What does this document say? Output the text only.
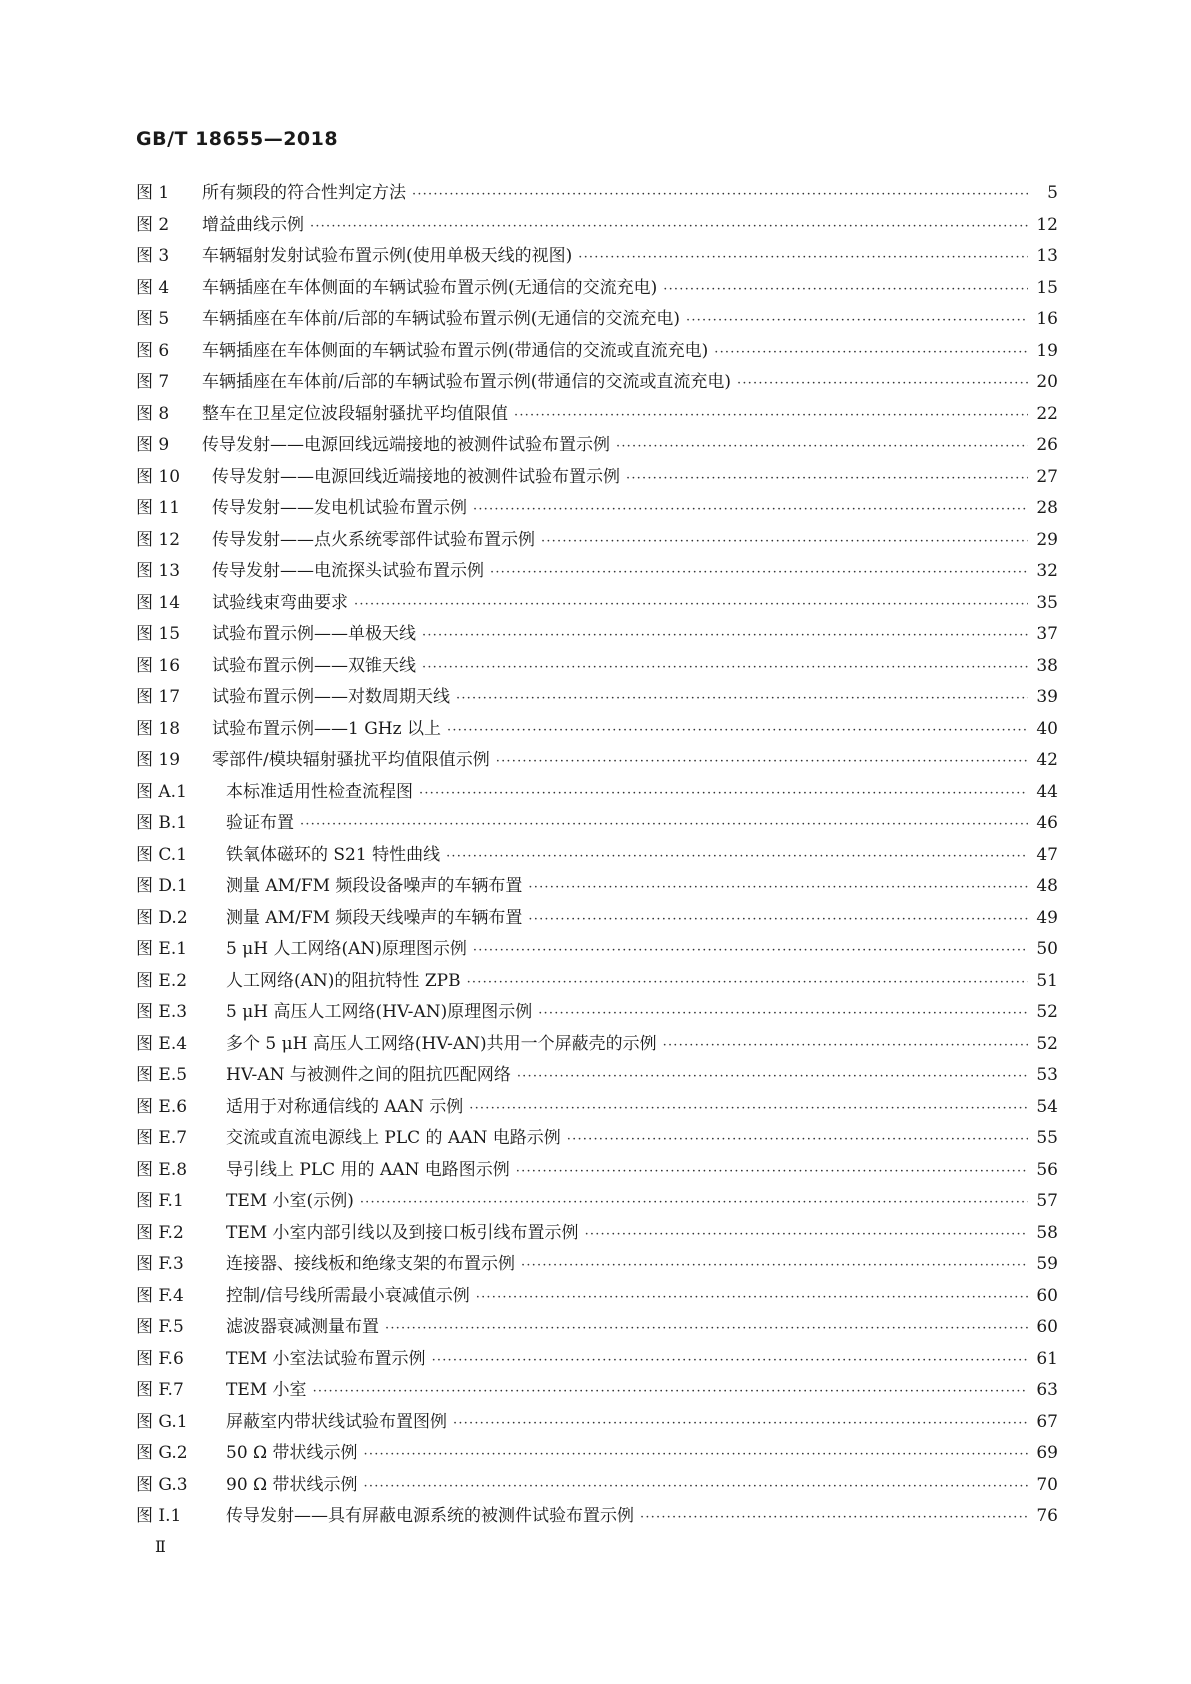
GB/T 18655—2018
图 1	所有频段的符合性判定方法 ·····	5
图 2	增益曲线示例 ·····	12
图 3	车辆辐射发射试验布置示例(使用单极天线的视图) ·····	13
图 4	车辆插座在车体侧面的车辆试验布置示例(无通信的交流充电) ·····	15
图 5	车辆插座在车体前/后部的车辆试验布置示例(无通信的交流充电) ·····	16
图 6	车辆插座在车体侧面的车辆试验布置示例(带通信的交流或直流充电) ·····	19
图 7	车辆插座在车体前/后部的车辆试验布置示例(带通信的交流或直流充电) ·····	20
图 8	整车在卫星定位波段辐射骚扰平均值限值 ·····	22
图 9	传导发射——电源回线远端接地的被测件试验布置示例 ·····	26
图 10	传导发射——电源回线近端接地的被测件试验布置示例 ·····	27
图 11	传导发射——发电机试验布置示例 ·····	28
图 12	传导发射——点火系统零部件试验布置示例 ·····	29
图 13	传导发射——电流探头试验布置示例 ·····	32
图 14	试验线束弯曲要求 ·····	35
图 15	试验布置示例——单极天线 ·····	37
图 16	试验布置示例——双锥天线 ·····	38
图 17	试验布置示例——对数周期天线 ·····	39
图 18	试验布置示例——1 GHz 以上 ·····	40
图 19	零部件/模块辐射骚扰平均值限值示例 ·····	42
图 A.1	本标准适用性检查流程图 ·····	44
图 B.1	验证布置 ·····	46
图 C.1	铁氧体磁环的 S21 特性曲线 ·····	47
图 D.1	测量 AM/FM 频段设备噪声的车辆布置 ·····	48
图 D.2	测量 AM/FM 频段天线噪声的车辆布置 ·····	49
图 E.1	5 μH 人工网络(AN)原理图示例 ·····	50
图 E.2	人工网络(AN)的阻抗特性 ZPB ·····	51
图 E.3	5 μH 高压人工网络(HV-AN)原理图示例 ·····	52
图 E.4	多个 5 μH 高压人工网络(HV-AN)共用一个屏蔽壳的示例 ·····	52
图 E.5	HV-AN 与被测件之间的阻抗匹配网络 ·····	53
图 E.6	适用于对称通信线的 AAN 示例 ·····	54
图 E.7	交流或直流电源线上 PLC 的 AAN 电路示例 ·····	55
图 E.8	导引线上 PLC 用的 AAN 电路图示例 ·····	56
图 F.1	TEM 小室(示例) ·····	57
图 F.2	TEM 小室内部引线以及到接口板引线布置示例 ·····	58
图 F.3	连接器、接线板和绝缘支架的布置示例 ·····	59
图 F.4	控制/信号线所需最小衰减值示例 ·····	60
图 F.5	滤波器衰减测量布置 ·····	60
图 F.6	TEM 小室法试验布置示例 ·····	61
图 F.7	TEM 小室 ·····	63
图 G.1	屏蔽室内带状线试验布置图例 ·····	67
图 G.2	50 Ω 带状线示例 ·····	69
图 G.3	90 Ω 带状线示例 ·····	70
图 I.1	传导发射——具有屏蔽电源系统的被测件试验布置示例 ·····	76
Ⅱ
